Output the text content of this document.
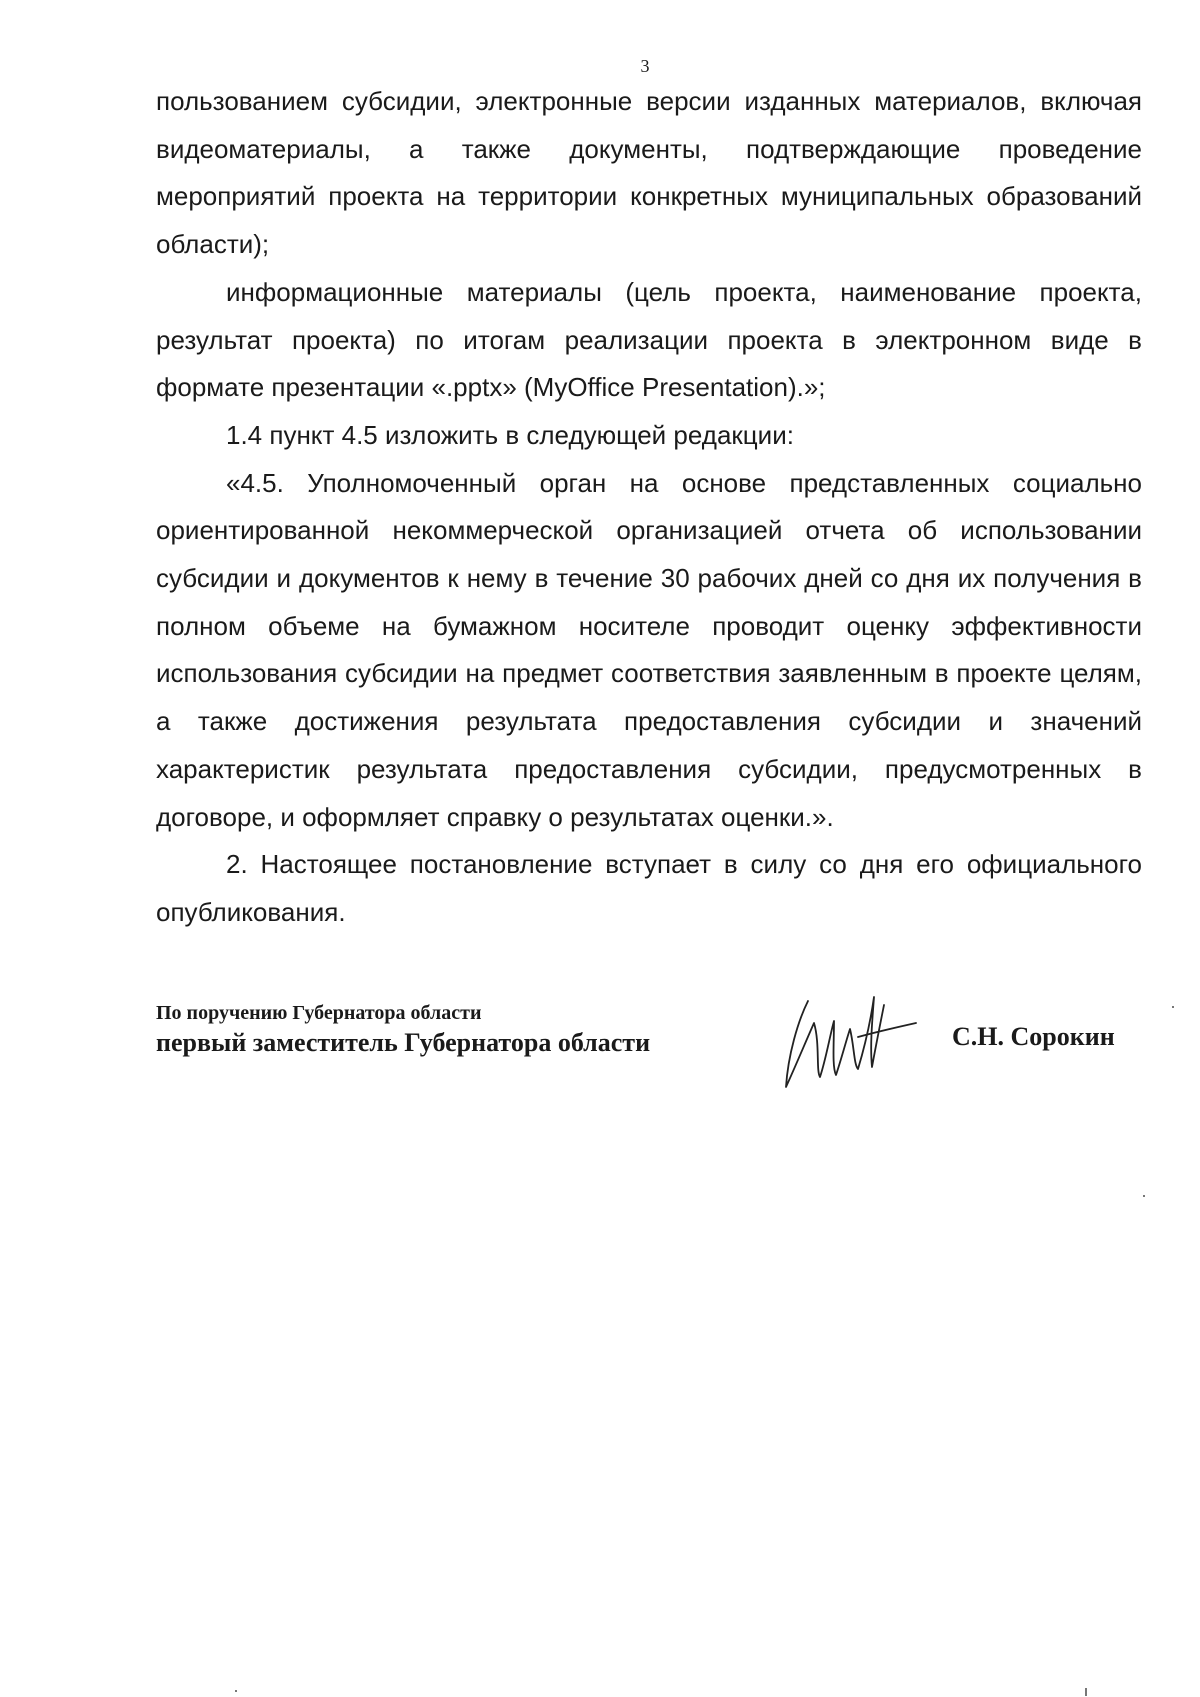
3

пользованием субсидии, электронные версии изданных материалов, включая видеоматериалы, а также документы, подтверждающие проведение мероприятий проекта на территории конкретных муниципальных образований области);

информационные материалы (цель проекта, наименование проекта, результат проекта) по итогам реализации проекта в электронном виде в формате презентации «.pptx» (MyOffice Presentation).»;

1.4 пункт 4.5 изложить в следующей редакции:

«4.5. Уполномоченный орган на основе представленных социально ориентированной некоммерческой организацией отчета об использовании субсидии и документов к нему в течение 30 рабочих дней со дня их получения в полном объеме на бумажном носителе проводит оценку эффективности использования субсидии на предмет соответствия заявленным в проекте целям, а также достижения результата предоставления субсидии и значений характеристик результата предоставления субсидии, предусмотренных в договоре, и оформляет справку о результатах оценки.».

2. Настоящее постановление вступает в силу со дня его официального опубликования.

По поручению Губернатора области
первый заместитель Губернатора области	С.Н. Сорокин
